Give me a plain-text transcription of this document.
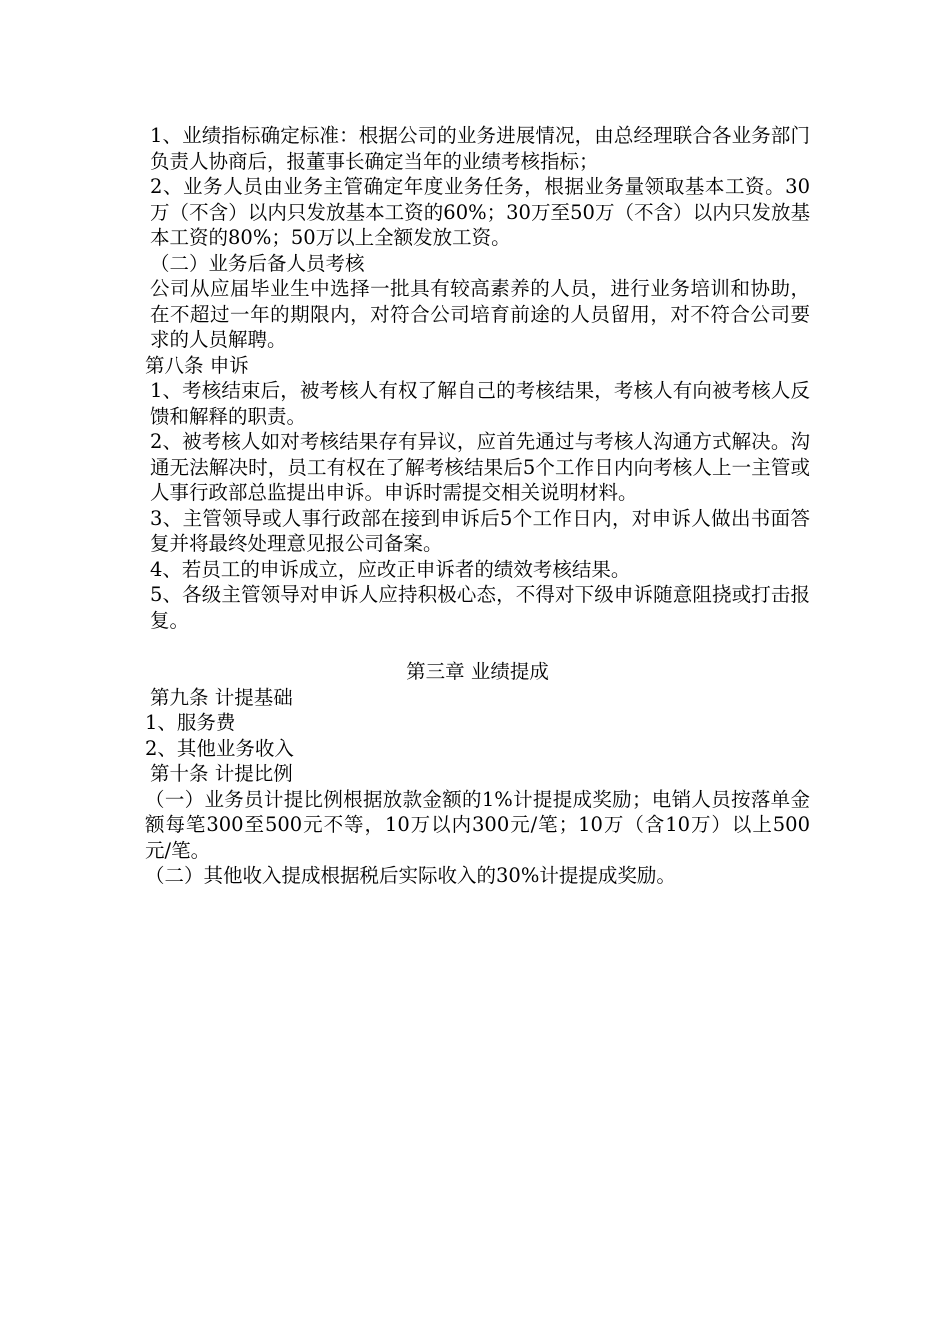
1、业绩指标确定标准：根据公司的业务进展情况，由总经理联合各业务部门负责人协商后，报董事长确定当年的业绩考核指标；

2、业务人员由业务主管确定年度业务任务，根据业务量领取基本工资。30万（不含）以内只发放基本工资的60%；30万至50万（不含）以内只发放基本工资的80%；50万以上全额发放工资。

（二）业务后备人员考核

公司从应届毕业生中选择一批具有较高素养的人员，进行业务培训和协助，在不超过一年的期限内，对符合公司培育前途的人员留用，对不符合公司要求的人员解聘。

第八条 申诉

1、考核结束后，被考核人有权了解自己的考核结果，考核人有向被考核人反馈和解释的职责。

2、被考核人如对考核结果存有异议，应首先通过与考核人沟通方式解决。沟通无法解决时，员工有权在了解考核结果后5个工作日内向考核人上一主管或人事行政部总监提出申诉。申诉时需提交相关说明材料。

3、主管领导或人事行政部在接到申诉后5个工作日内，对申诉人做出书面答复并将最终处理意见报公司备案。

4、若员工的申诉成立，应改正申诉者的绩效考核结果。

5、各级主管领导对申诉人应持积极心态，不得对下级申诉随意阻挠或打击报复。

第三章 业绩提成

第九条 计提基础

1、服务费

2、其他业务收入

第十条 计提比例

（一）业务员计提比例根据放款金额的1%计提提成奖励；电销人员按落单金额每笔300至500元不等，10万以内300元/笔；10万（含10万）以上500元/笔。

（二）其他收入提成根据税后实际收入的30%计提提成奖励。
